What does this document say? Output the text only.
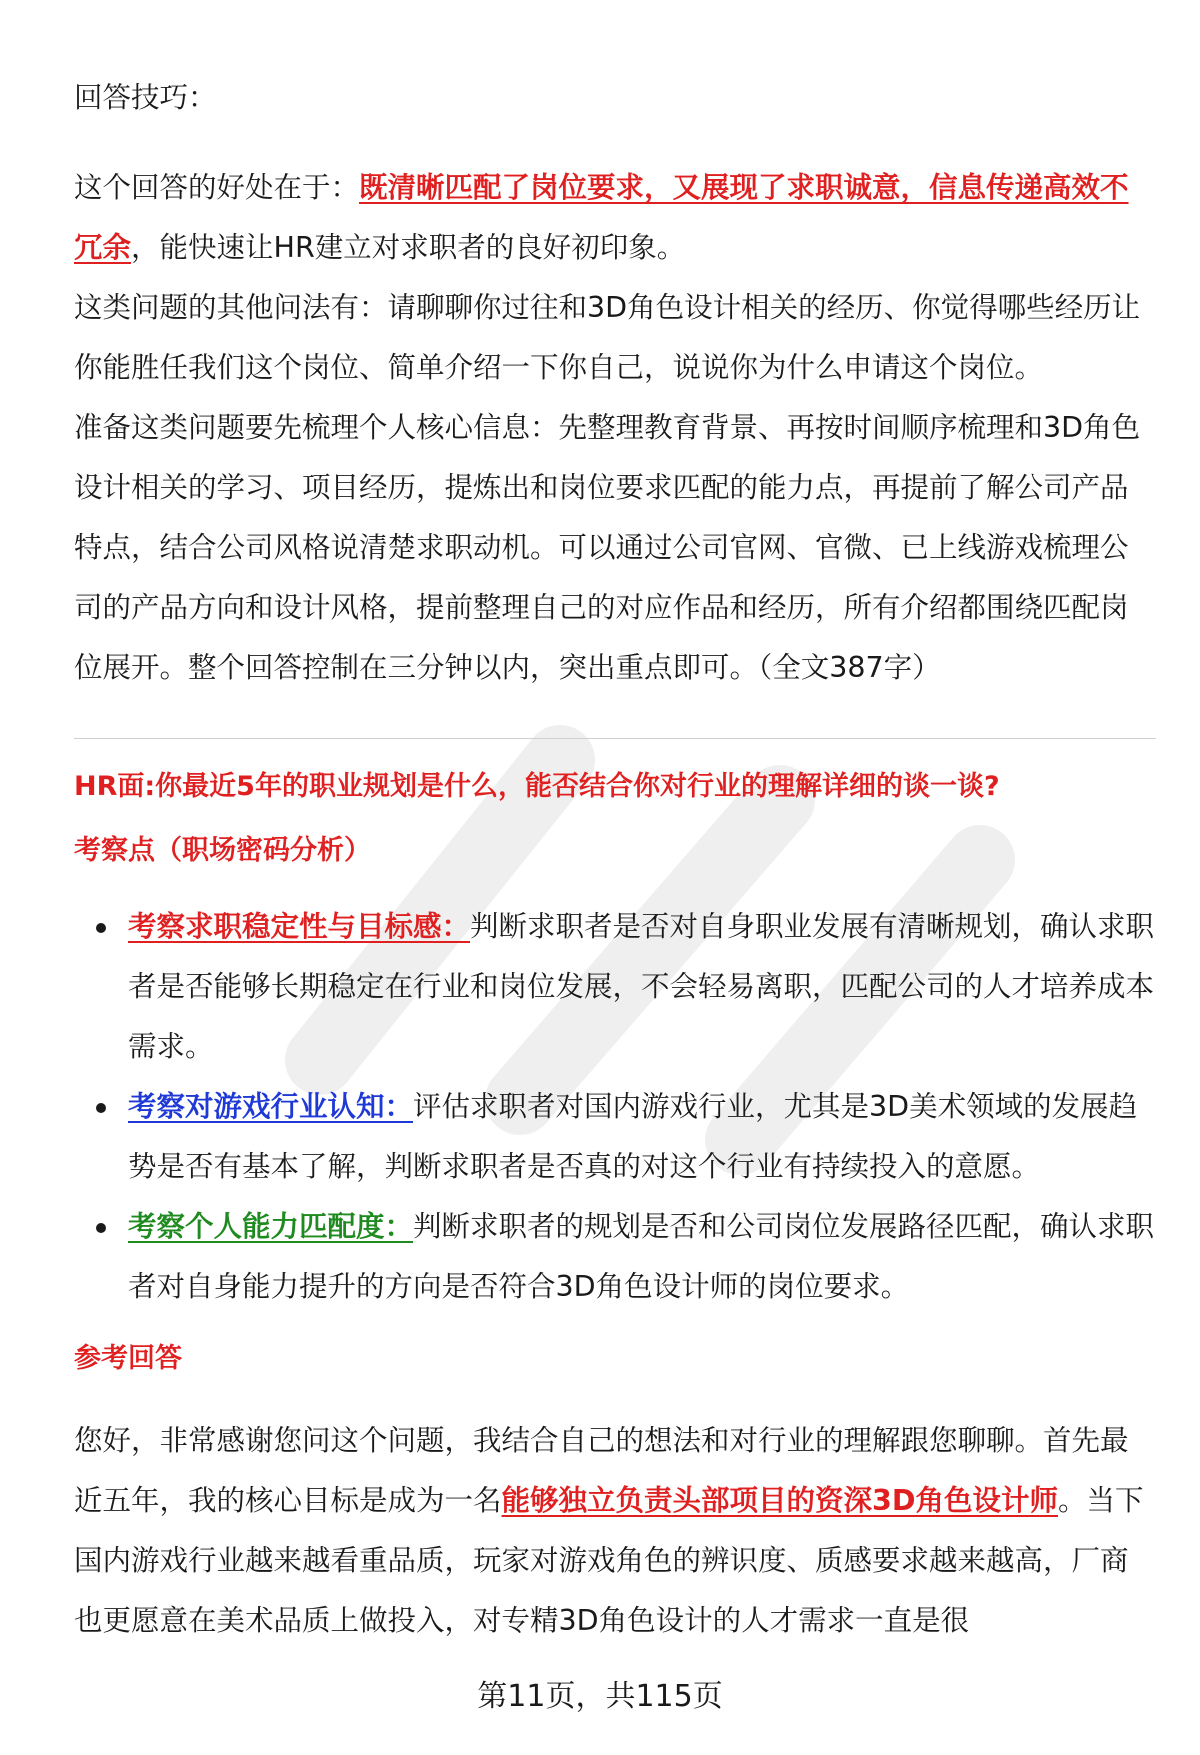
回答技巧：

这个回答的好处在于：既清晰匹配了岗位要求，又展现了求职诚意，信息传递高效不冗余，能快速让HR建立对求职者的良好初印象。

这类问题的其他问法有：请聊聊你过往和3D角色设计相关的经历、你觉得哪些经历让你能胜任我们这个岗位、简单介绍一下你自己，说说你为什么申请这个岗位。

准备这类问题要先梳理个人核心信息：先整理教育背景、再按时间顺序梳理和3D角色设计相关的学习、项目经历，提炼出和岗位要求匹配的能力点，再提前了解公司产品特点，结合公司风格说清楚求职动机。可以通过公司官网、官微、已上线游戏梳理公司的产品方向和设计风格，提前整理自己的对应作品和经历，所有介绍都围绕匹配岗位展开。整个回答控制在三分钟以内，突出重点即可。（全文387字）

HR面:你最近5年的职业规划是什么，能否结合你对行业的理解详细的谈一谈?

考察点（职场密码分析）

考察求职稳定性与目标感：判断求职者是否对自身职业发展有清晰规划，确认求职者是否能够长期稳定在行业和岗位发展，不会轻易离职，匹配公司的人才培养成本需求。
考察对游戏行业认知：评估求职者对国内游戏行业，尤其是3D美术领域的发展趋势是否有基本了解，判断求职者是否真的对这个行业有持续投入的意愿。
考察个人能力匹配度：判断求职者的规划是否和公司岗位发展路径匹配，确认求职者对自身能力提升的方向是否符合3D角色设计师的岗位要求。

参考回答

您好，非常感谢您问这个问题，我结合自己的想法和对行业的理解跟您聊聊。首先最近五年，我的核心目标是成为一名能够独立负责头部项目的资深3D角色设计师。当下国内游戏行业越来越看重品质，玩家对游戏角色的辨识度、质感要求越来越高，厂商也更愿意在美术品质上做投入，对专精3D角色设计的人才需求一直是很

第11页，共115页
